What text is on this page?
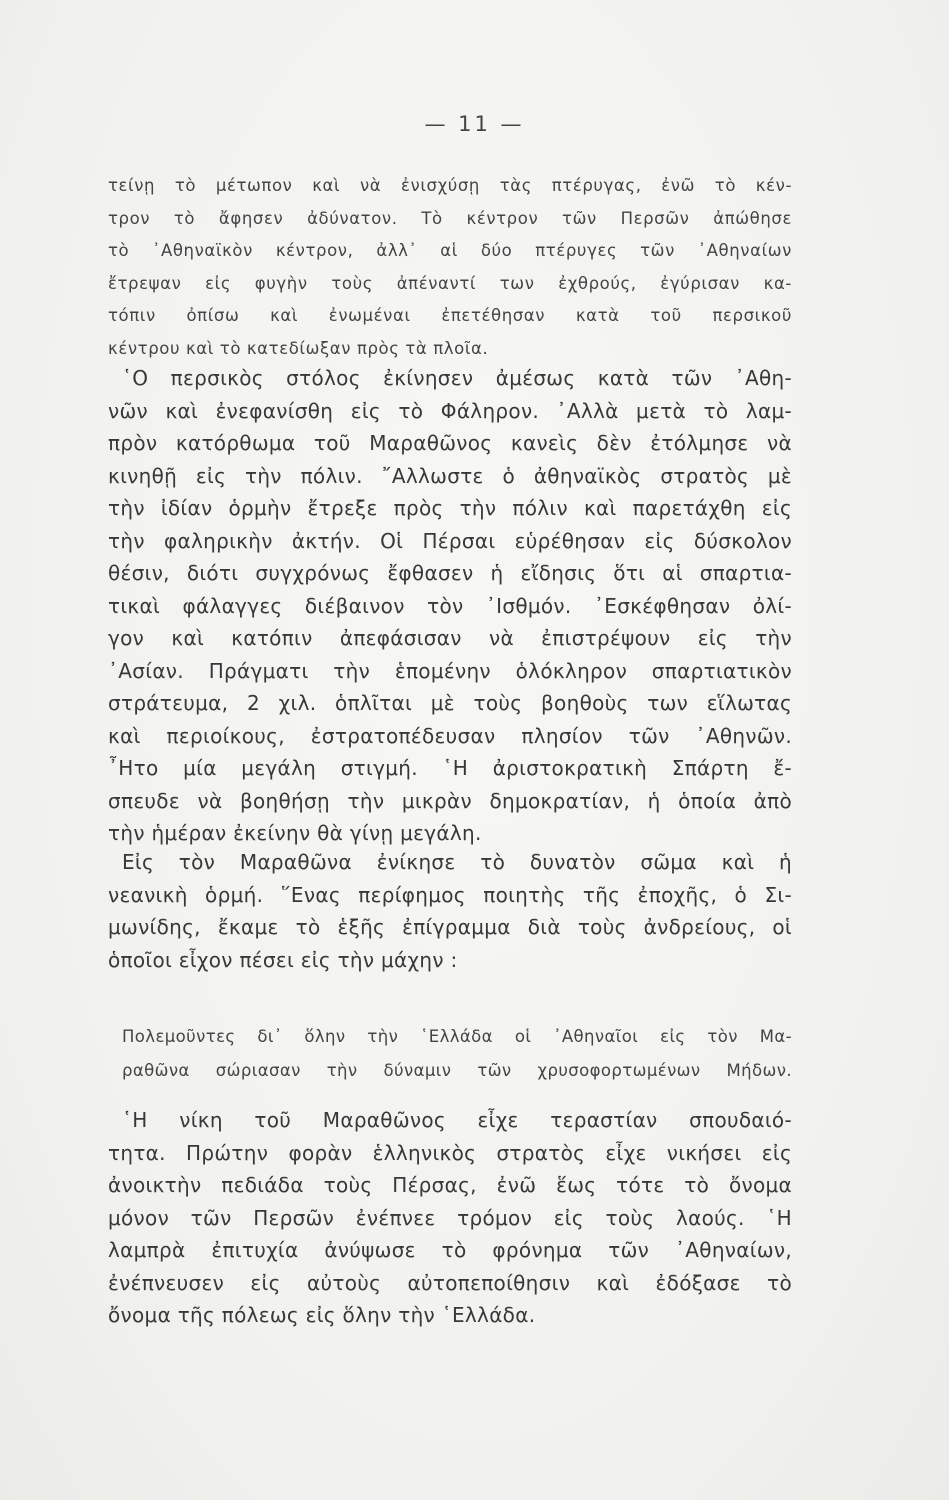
— 11 —

τείνῃ τὸ μέτωπον καὶ νὰ ἐνισχύσῃ τὰς πτέρυγας, ἐνῶ τὸ κέν-
τρον τὸ ἄφησεν ἀδύνατον. Τὸ κέντρον τῶν Περσῶν ἀπώθησε
τὸ ᾽Αθηναϊκὸν κέντρον, ἀλλ᾽ αἱ δύο πτέρυγες τῶν ᾽Αθηναίων
ἔτρεψαν εἰς φυγὴν τοὺς ἀπέναντί των ἐχθρούς, ἐγύρισαν κα-
τόπιν ὀπίσω καὶ ἐνωμέναι ἐπετέθησαν κατὰ τοῦ περσικοῦ
κέντρου καὶ τὸ κατεδίωξαν πρὸς τὰ πλοῖα.

῾Ο περσικὸς στόλος ἐκίνησεν ἀμέσως κατὰ τῶν ᾽Αθη-
νῶν καὶ ἐνεφανίσθη εἰς τὸ Φάληρον. ᾽Αλλὰ μετὰ τὸ λαμ-
πρὸν κατόρθωμα τοῦ Μαραθῶνος κανεὶς δὲν ἐτόλμησε νὰ
κινηθῇ εἰς τὴν πόλιν. ῎Αλλωστε ὁ ἀθηναϊκὸς στρατὸς μὲ
τὴν ἰδίαν ὁρμὴν ἔτρεξε πρὸς τὴν πόλιν καὶ παρετάχθη εἰς
τὴν φαληρικὴν ἀκτήν. Οἱ Πέρσαι εὑρέθησαν εἰς δύσκολον
θέσιν, διότι συγχρόνως ἔφθασεν ἡ εἴδησις ὅτι αἱ σπαρτια-
τικαὶ φάλαγγες διέβαινον τὸν ᾽Ισθμόν. ᾽Εσκέφθησαν ὀλί-
γον καὶ κατόπιν ἀπεφάσισαν νὰ ἐπιστρέψουν εἰς τὴν
᾽Ασίαν. Πράγματι τὴν ἑπομένην ὁλόκληρον σπαρτιατικὸν
στράτευμα, 2 χιλ. ὁπλῖται μὲ τοὺς βοηθοὺς των εἵλωτας
καὶ περιοίκους, ἐστρατοπέδευσαν πλησίον τῶν ᾽Αθηνῶν.
῏Ητο μία μεγάλη στιγμή. ῾Η ἀριστοκρατικὴ Σπάρτη ἔ-
σπευδε νὰ βοηθήσῃ τὴν μικρὰν δημοκρατίαν, ἡ ὁποία ἀπὸ
τὴν ἡμέραν ἐκείνην θὰ γίνῃ μεγάλη.

Εἰς τὸν Μαραθῶνα ἐνίκησε τὸ δυνατὸν σῶμα καὶ ἡ
νεανικὴ ὁρμή. ῞Ενας περίφημος ποιητὴς τῆς ἐποχῆς, ὁ Σι-
μωνίδης, ἔκαμε τὸ ἑξῆς ἐπίγραμμα διὰ τοὺς ἀνδρείους, οἱ
ὁποῖοι εἶχον πέσει εἰς τὴν μάχην :

Πολεμοῦντες δι᾽ ὅλην τὴν ῾Ελλάδα οἱ ᾽Αθηναῖοι εἰς τὸν Μα-
ραθῶνα σώριασαν τὴν δύναμιν τῶν χρυσοφορτωμένων Μήδων.

῾Η νίκη τοῦ Μαραθῶνος εἶχε τεραστίαν σπουδαιό-
τητα. Πρώτην φορὰν ἑλληνικὸς στρατὸς εἶχε νικήσει εἰς
ἀνοικτὴν πεδιάδα τοὺς Πέρσας, ἐνῶ ἕως τότε τὸ ὄνομα
μόνον τῶν Περσῶν ἐνέπνεε τρόμον εἰς τοὺς λαούς. ῾Η
λαμπρὰ ἐπιτυχία ἀνύψωσε τὸ φρόνημα τῶν ᾽Αθηναίων,
ἐνέπνευσεν εἰς αὐτοὺς αὐτοπεποίθησιν καὶ ἐδόξασε τὸ
ὄνομα τῆς πόλεως εἰς ὅλην τὴν ῾Ελλάδα.
